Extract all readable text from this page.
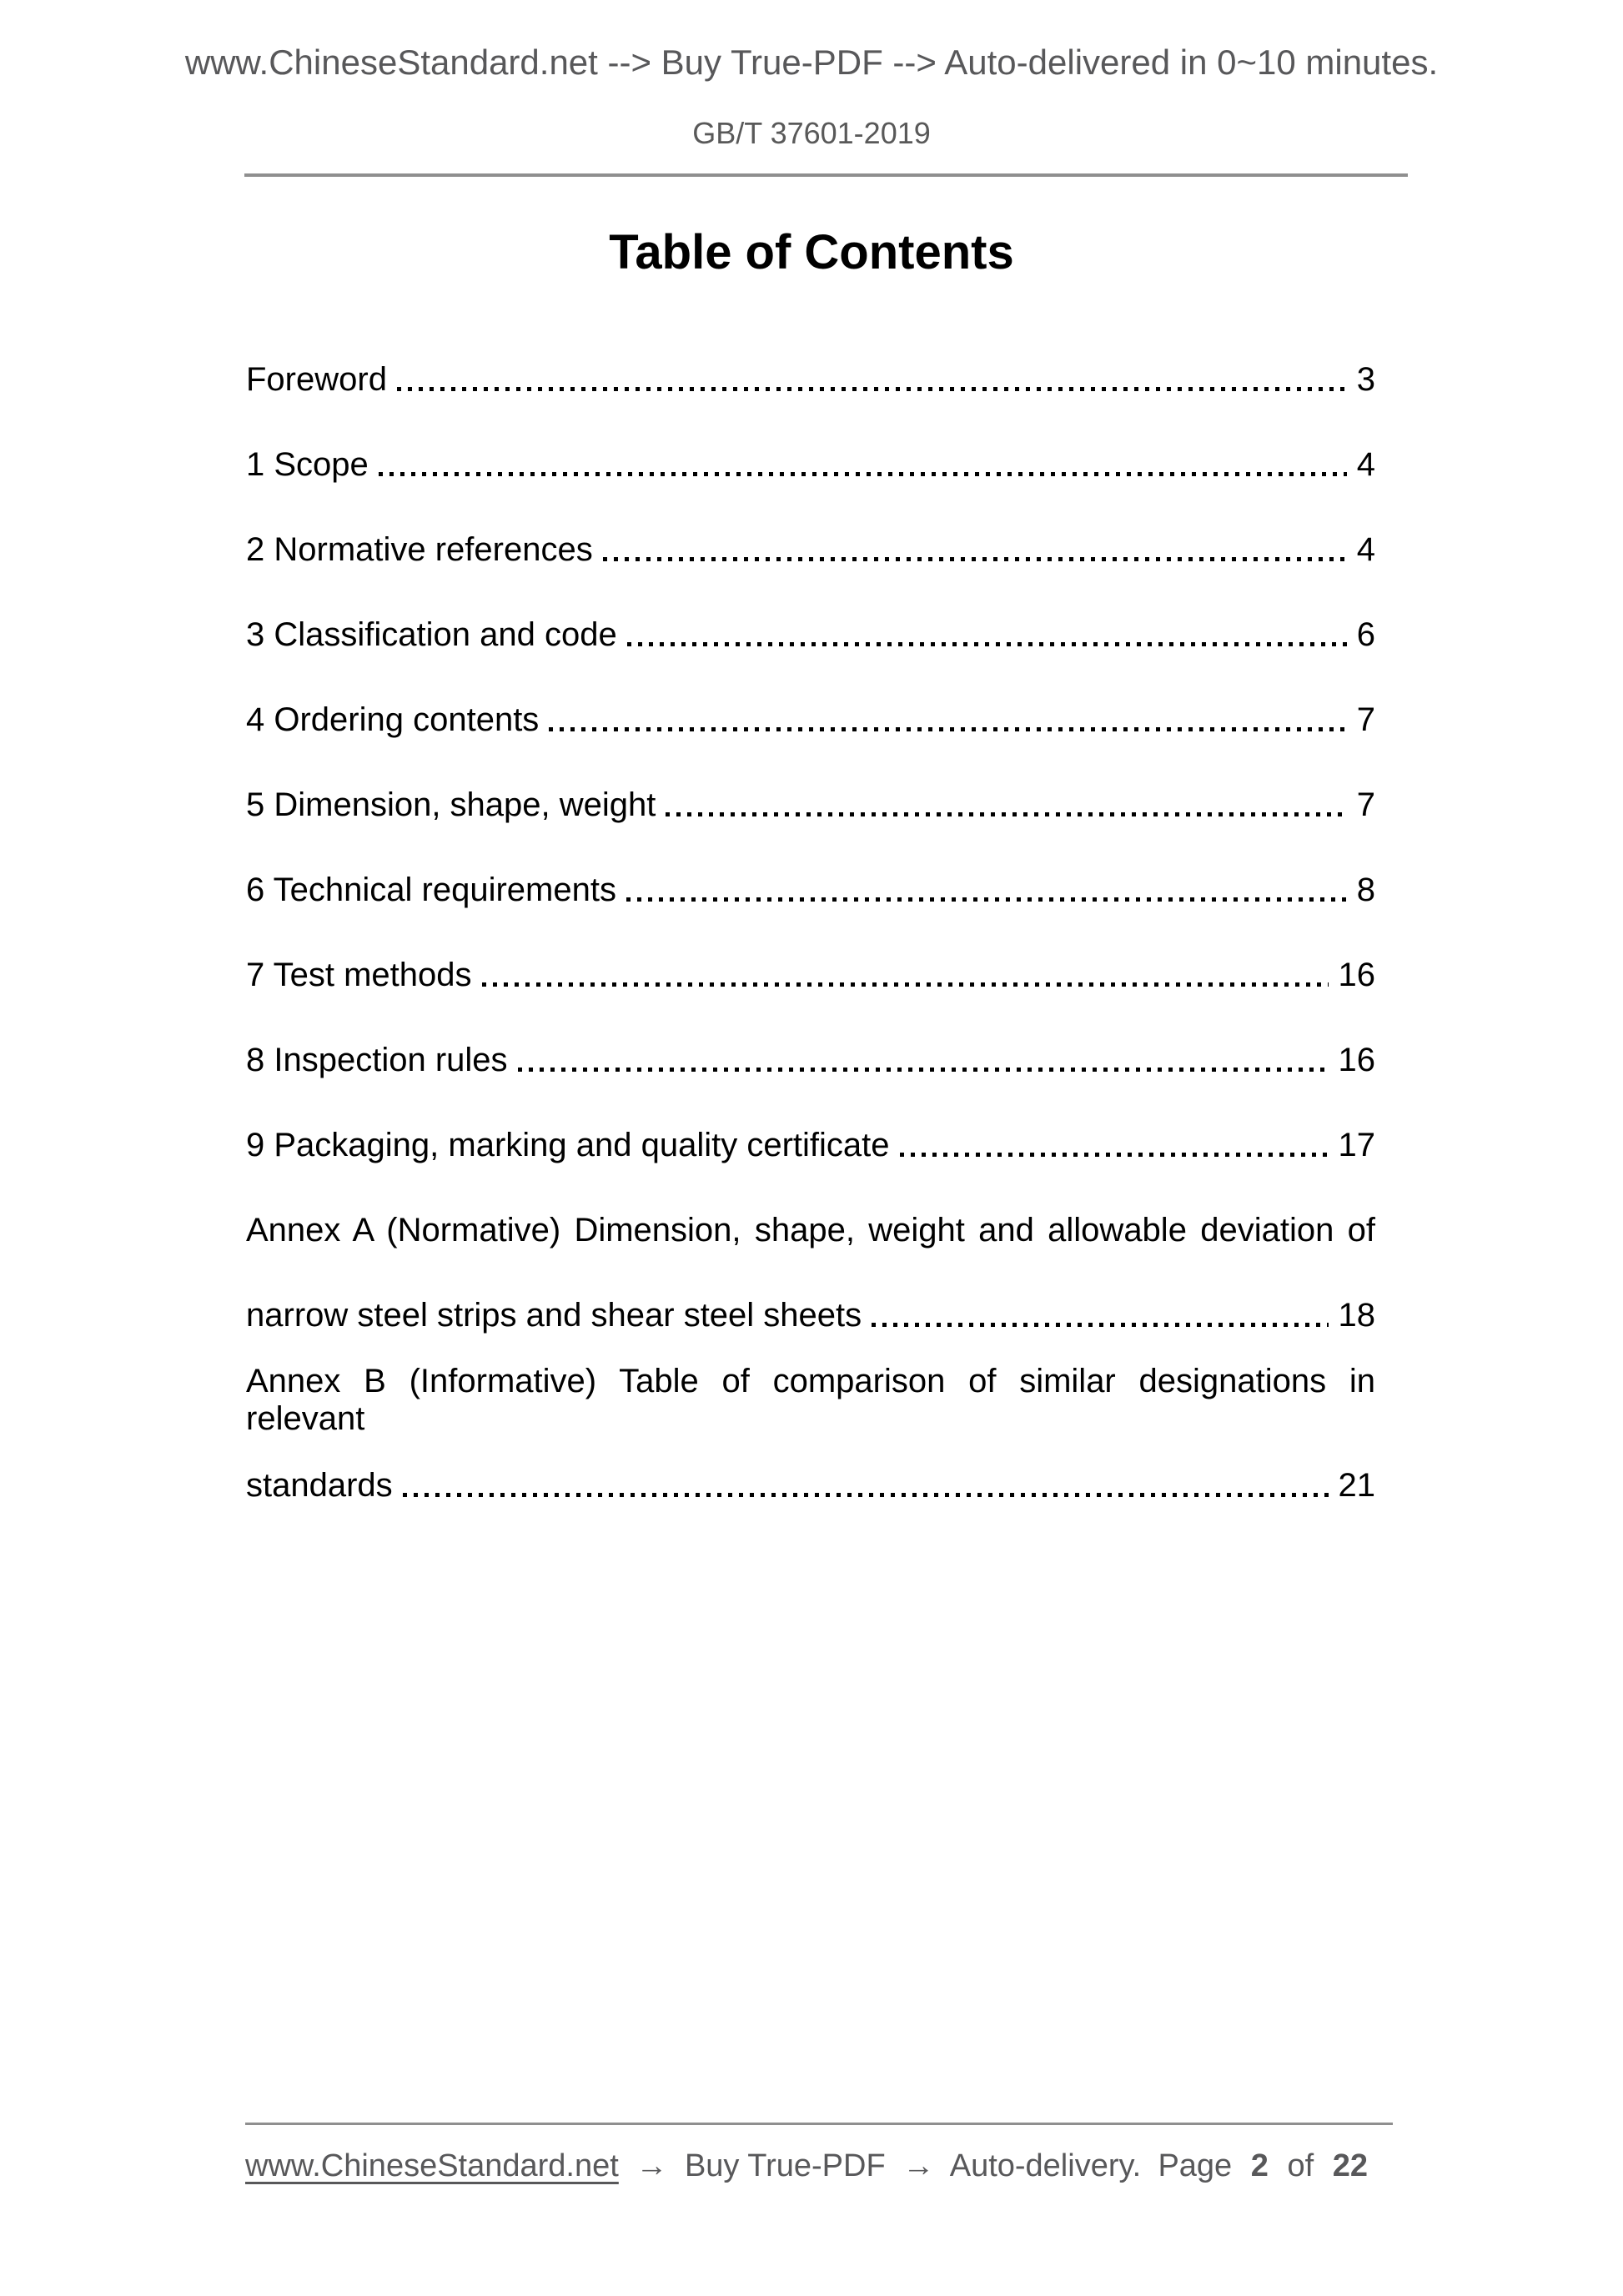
www.ChineseStandard.net --> Buy True-PDF --> Auto-delivered in 0~10 minutes.
GB/T 37601-2019
Table of Contents
Foreword	3
1 Scope	4
2 Normative references	4
3 Classification and code	6
4 Ordering contents	7
5 Dimension, shape, weight	7
6 Technical requirements	8
7 Test methods	16
8 Inspection rules	16
9 Packaging, marking and quality certificate	17
Annex A (Normative) Dimension, shape, weight and allowable deviation of
narrow steel strips and shear steel sheets	18
Annex B (Informative) Table of comparison of similar designations in relevant
standards	21
www.ChineseStandard.net → Buy True-PDF → Auto-delivery. Page 2 of 22
